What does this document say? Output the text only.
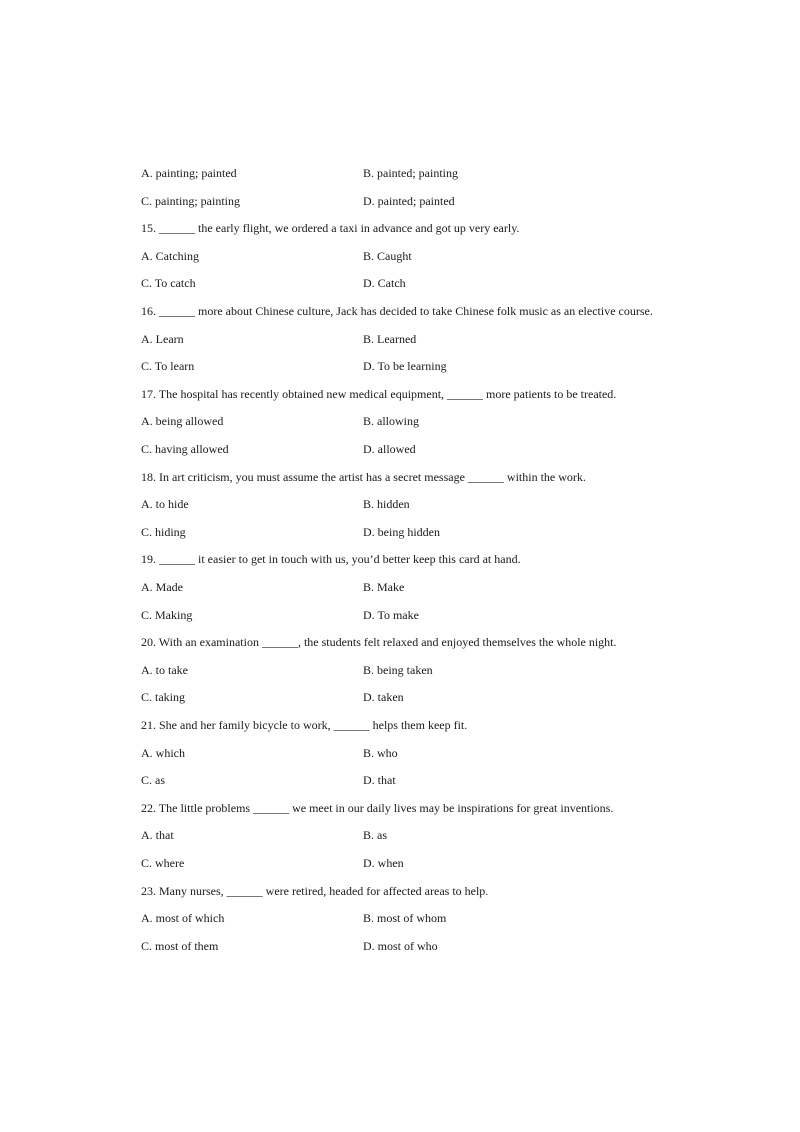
A. painting; painted	B. painted; painting
C. painting; painting	D. painted; painted
15. ______ the early flight, we ordered a taxi in advance and got up very early.
A. Catching	B. Caught
C. To catch	D. Catch
16. ______ more about Chinese culture, Jack has decided to take Chinese folk music as an elective course.
A. Learn	B. Learned
C. To learn	D. To be learning
17. The hospital has recently obtained new medical equipment, ______ more patients to be treated.
A. being allowed	B. allowing
C. having allowed	D. allowed
18. In art criticism, you must assume the artist has a secret message ______ within the work.
A. to hide	B. hidden
C. hiding	D. being hidden
19. ______ it easier to get in touch with us, you’d better keep this card at hand.
A. Made	B. Make
C. Making	D. To make
20. With an examination ______, the students felt relaxed and enjoyed themselves the whole night.
A. to take	B. being taken
C. taking	D. taken
21. She and her family bicycle to work, ______ helps them keep fit.
A. which	B. who
C. as	D. that
22. The little problems ______ we meet in our daily lives may be inspirations for great inventions.
A. that	B. as
C. where	D. when
23. Many nurses, ______ were retired, headed for affected areas to help.
A. most of which	B. most of whom
C. most of them	D. most of who
